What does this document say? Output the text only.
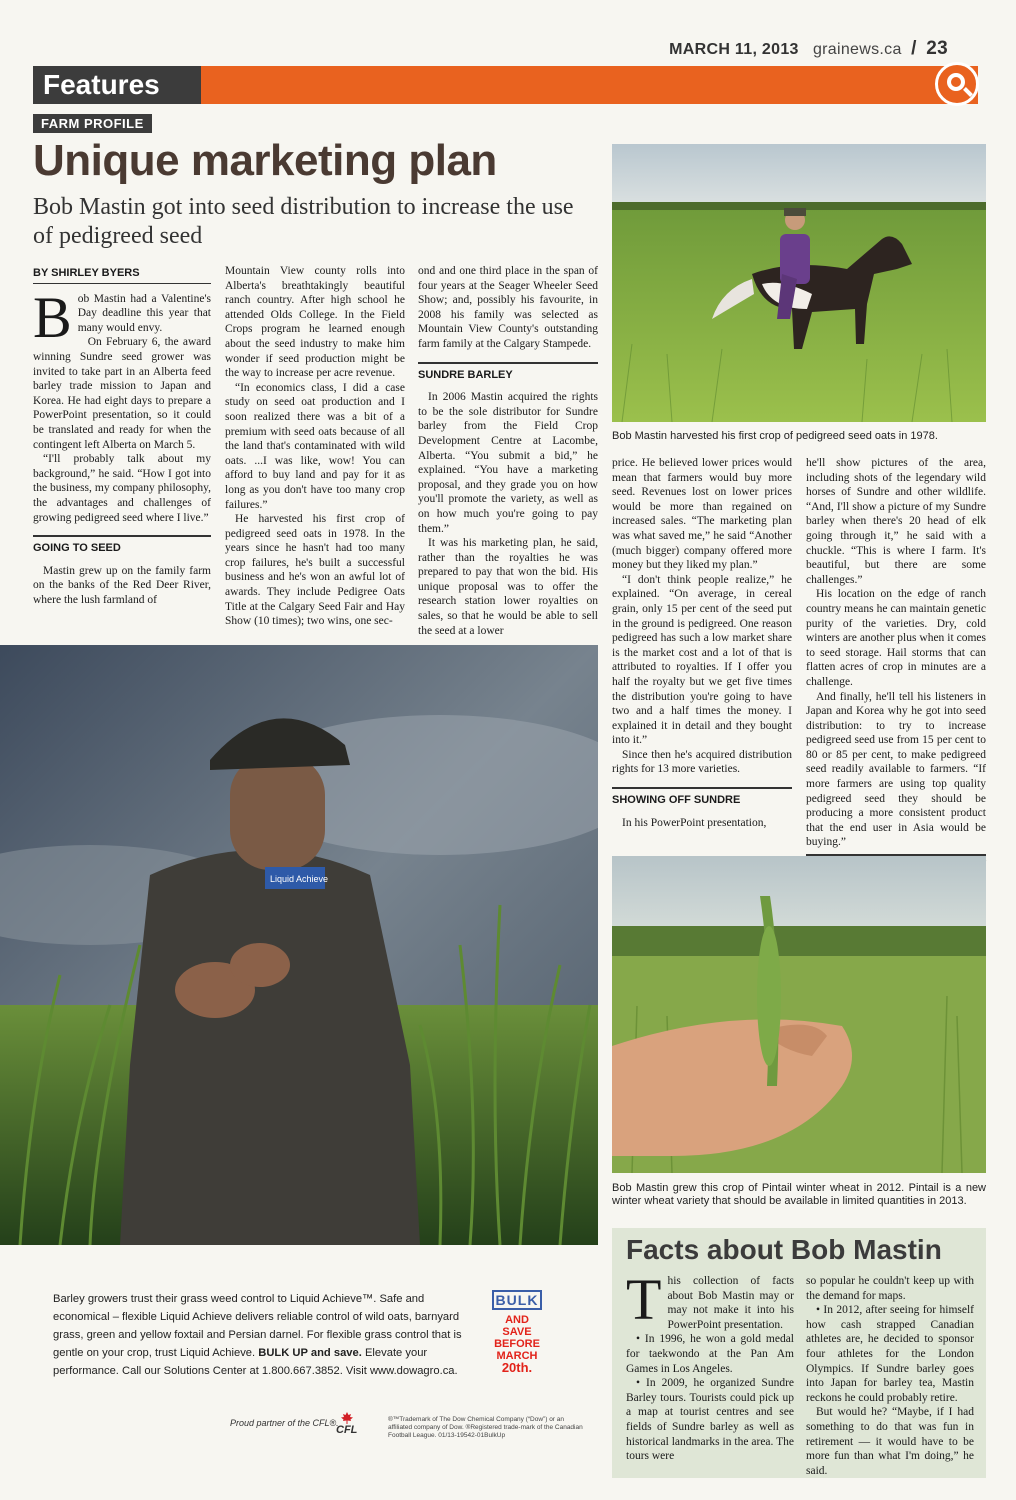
MARCH 11, 2013 grainews.ca / 23
Features
FARM PROFILE
Unique marketing plan
Bob Mastin got into seed distribution to increase the use of pedigreed seed
BY SHIRLEY BYERS

Bob Mastin had a Valentine's Day deadline this year that many would envy.

On February 6, the award winning Sundre seed grower was invited to take part in an Alberta feed barley trade mission to Japan and Korea. He had eight days to prepare a PowerPoint presentation, so it could be translated and ready for when the contingent left Alberta on March 5.

“I'll probably talk about my background,” he said. “How I got into the business, my company philosophy, the advantages and challenges of growing pedigreed seed where I live.”

GOING TO SEED

Mastin grew up on the family farm on the banks of the Red Deer River, where the lush farmland of

Mountain View county rolls into Alberta's breathtakingly beautiful ranch country. After high school he attended Olds College. In the Field Crops program he learned enough about the seed industry to make him wonder if seed production might be the way to increase per acre revenue.

“In economics class, I did a case study on seed oat production and I soon realized there was a bit of a premium with seed oats because of all the land that's contaminated with wild oats. ...I was like, wow! You can afford to buy land and pay for it as long as you don't have too many crop failures.”

He harvested his first crop of pedigreed seed oats in 1978. In the years since he hasn't had too many crop failures, he's built a successful business and he's won an awful lot of awards. They include Pedigree Oats Title at the Calgary Seed Fair and Hay Show (10 times); two wins, one sec-

ond and one third place in the span of four years at the Seager Wheeler Seed Show; and, possibly his favourite, in 2008 his family was selected as Mountain View County's outstanding farm family at the Calgary Stampede.

SUNDRE BARLEY

In 2006 Mastin acquired the rights to be the sole distributor for Sundre barley from the Field Crop Development Centre at Lacombe, Alberta. “You submit a bid,” he explained. “You have a marketing proposal, and they grade you on how you'll promote the variety, as well as on how much you're going to pay them.”

It was his marketing plan, he said, rather than the royalties he was prepared to pay that won the bid. His unique proposal was to offer the research station lower royalties on sales, so that he would be able to sell the seed at a lower

Bob Mastin harvested his first crop of pedigreed seed oats in 1978.

price. He believed lower prices would mean that farmers would buy more seed. Revenues lost on lower prices would be more than regained on increased sales. “The marketing plan was what saved me,” he said “Another (much bigger) company offered more money but they liked my plan.”

“I don't think people realize,” he explained. “On average, in cereal grain, only 15 per cent of the seed put in the ground is pedigreed. One reason pedigreed has such a low market share is the market cost and a lot of that is attributed to royalties. If I offer you half the royalty but we get five times the distribution you're going to have two and a half times the money. I explained it in detail and they bought into it.”

Since then he's acquired distribution rights for 13 more varieties.

SHOWING OFF SUNDRE

In his PowerPoint presentation,

he'll show pictures of the area, including shots of the legendary wild horses of Sundre and other wildlife. “And, I'll show a picture of my Sundre barley when there's 20 head of elk going through it,” he said with a chuckle. “This is where I farm. It's beautiful, but there are some challenges.”

His location on the edge of ranch country means he can maintain genetic purity of the varieties. Dry, cold winters are another plus when it comes to seed storage. Hail storms that can flatten acres of crop in minutes are a challenge.

And finally, he'll tell his listeners in Japan and Korea why he got into seed distribution: to try to increase pedigreed seed use from 15 per cent to 80 or 85 per cent, to make pedigreed seed readily available to farmers. “If more farmers are using top quality pedigreed seed they should be producing a more consistent product that the end user in Asia would be buying.”

Liquid Achieve
Bob Mastin grew this crop of Pintail winter wheat in 2012. Pintail is a new winter wheat variety that should be available in limited quantities in 2013.
Facts about Bob Mastin

This collection of facts about Bob Mastin may or may not make it into his PowerPoint presentation.

• In 1996, he won a gold medal for taekwondo at the Pan Am Games in Los Angeles.

• In 2009, he organized Sundre Barley tours. Tourists could pick up a map at tourist centres and see fields of Sundre barley as well as historical landmarks in the area. The tours were

so popular he couldn't keep up with the demand for maps.

• In 2012, after seeing for himself how cash strapped Canadian athletes are, he decided to sponsor four athletes for the London Olympics. If Sundre barley goes into Japan for barley tea, Mastin reckons he could probably retire.

But would he? “Maybe, if I had something to do that was fun in retirement — it would have to be more fun than what I'm doing,” he said.

Barley growers trust their grass weed control to Liquid Achieve™. Safe and economical – flexible Liquid Achieve delivers reliable control of wild oats, barnyard grass, green and yellow foxtail and Persian darnel. For flexible grass control that is gentle on your crop, trust Liquid Achieve. BULK UP and save. Elevate your performance. Call our Solutions Center at 1.800.667.3852. Visit www.dowagro.ca.
BULK
AND SAVE
BEFORE
MARCH
20th.
Proud partner of the CFL®.
CFL
®™Trademark of The Dow Chemical Company (“Dow”) or an affiliated company of Dow. ®Registered trade-mark of the Canadian Football League. 01/13-19542-01BulkUp
